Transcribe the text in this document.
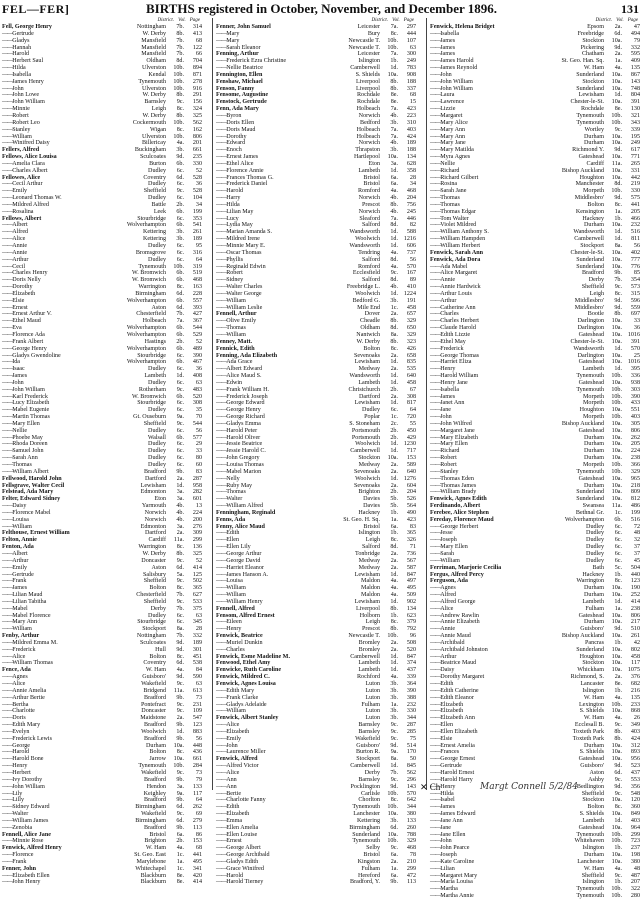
FEL—FER]	BIRTHS registered in October, November, and December 1896.	131
District. Vol. Page
Fell, George Henry	Nottingham	7b.	314
—— Gertrude	W. Derby	8b.	413
—— Gladys	Mansfield	7b.	68
—— Hannah	Mansfield	7b.	122
—— Harold	Mansfield	7b.	66
—— Herbert Saul	Oldham	8d.	704
—— Hilda	Ulverston	10b.	894
—— Isabella	Kendal	10b.	871
—— James Henry	Tynemouth	10b.	278
—— John	Ulverston	10b.	916
—— John Lowe	W. Derby	8b.	291
—— John William	Barnsley	9c.	156
—— Minnie	Leigh	8c.	324
—— Robert	W. Derby	8b.	325
—— Robert Leo	Cockermouth	10b.	562
—— Stanley	Wigan	8c.	162
—— William	Ulverston	10b.	806
—— Winifred Daisy	Billericay	4a.	201
Fellers, Alfred	Buckingham	3b.	661
Fellows, Alice Louisa	Sculcoates	9d.	235
—— Amelia Clara	Burton	6b.	330
—— Charles Albert	Dudley	6c.	52
Fellowes, Alice	Coventry	6d.	528
—— Cecil Arthur	Dudley	6c.	36
—— Emily	Sheffield	9c.	528
—— Leonard Thomas W.	Dudley	6c.	104
—— Mildred Alfred	Battle	2b.	34
—— Rosalina	Leek	6b.	199
Fellows, Albert	Stourbridge	6c.	353
—— Albert	Wolverhampton	6b.	541
—— Alfred	Kettering	3b.	261
—— Alice	Kettering	3b.	189
—— Annie	Dudley	6c.	95
—— Annie	Bromsgrove	6c.	316
—— Arthur	Dudley	6c.	64
—— Cecil	Tynemouth	10b.	319
—— Charles Henry	W. Bromwich	6b.	519
—— Doris Nelly	W. Bromwich	6b.	468
—— Dorothy	Warrington	8c.	163
—— Elizabeth	Birmingham	6d.	228
—— Elsie	Wolverhampton	6b.	557
—— Ernest	Aston	6d.	393
—— Ernest Arthur V.	Chesterfield	7b.	427
—— Ethel Maud	Holbeach	7a.	367
—— Eva	Wolverhampton	6b.	544
—— Florence Ada	Wolverhampton	6b.	529
—— Frank Albert	Hastings	2b.	52
—— George Henry	Wolverhampton	6b.	489
—— Gladys Gwendoline	Stourbridge	6c.	390
—— Ida	Wolverhampton	6b.	467
—— Isaac	Dudley	6c.	36
—— James	Lambeth	1d.	408
—— John	Dudley	6c.	63
—— John William	Rotherham	9c.	483
—— Karl Frederick	W. Bromwich	6b.	520
—— Lucy Elizabeth	Stourbridge	6c.	308
—— Mabel Eugenie	Dudley	6c.	35
—— Martin Thomas	Gt. Ouseburn	9a.	70
—— Mary Ellen	Sheffield	9c.	544
—— Nellie	Dudley	6c.	56
—— Phoebe May	Walsall	6b.	577
—— Rhoda Doreen	Dudley	6c.	29
—— Samuel John	Dudley	6c.	33
—— Sarah Ann	Dudley	6c.	80
—— Thomas	Dudley	6c.	60
—— William Albert	Bradford	9b.	83
Fellwood, Harold John	Dartford	2a.	287
Fellsgrave, Walter Cecil	Lewisham	1d.	958
Felstead, Ada Mary	Edmonton	3a.	282
Felter, Edward Sidney	Eton	3a.	601
—— Daisy	Yarmouth	4b.	13
—— Florence Mabel	Norwich	4b.	224
—— Louisa	Norwich	4b.	200
—— William	Edmonton	3a.	276
Felthouse, Ernest William	Dartford	2a.	309
Felton, Annie	Cardiff	11a.	299
Fenton, Ada	Warrington	8c.	136
—— Albert	W. Derby	8b.	325
—— Arthur	Doncaster	9c.	52
—— Emily	Aston	6d.	414
—— Gertrude	Salisbury	5a.	125
—— Frank	Sheffield	9c.	502
—— James	Bolton	8c.	365
—— Lilian Maud	Chesterfield	7b.	627
—— Lilian Tabitha	Sheffield	9c.	533
—— Mabel	Derby	7b.	375
—— Mabel Florence	Dudley	6c.	63
—— Mary Ann	Stourbridge	6c.	345
—— William	Stockport	8a.	28
Fenby, Arthur	Nottingham	7b.	332
—— Mildred Emma M.	Sculcoates	9d.	189
—— Frederick	Hull	9d.	301
—— Alice	Bolton	8c.	451
—— William Thomas	Coventry	6d.	538
Fence, Ada	W. Ham	4a.	84
—— Agnes	Guisboro'	9d.	590
—— Alice	Wakefield	9c.	63
—— Annie Amelia	Bridgend	11a.	613
—— Arthur Bertie	Bradford	9b.	73
—— Bertha	Pontefract	9c.	231
—— Charlotte	Doncaster	9c.	109
—— Doris	Maidstone	2a.	547
—— Edith Mary	Bradford	9b.	123
—— Evelyn	Woolwich	1d.	883
—— Frederick Lewis	Bradford	9b.	56
—— George	Durham	10a.	448
—— Harold	Bolton	8c.	436
—— Harold Bone	Jarrow	10a.	661
—— Henry	Tynemouth	10b.	284
—— Herbert	Wakefield	9c.	73
—— Ivy Dorothy	Bradford	9b.	79
—— John William	Hendon	3a.	133
—— Lily	Keighley	9a.	117
—— Lilly	Bradford	9b.	64
—— Sidney Edward	Birmingham	6d.	262
—— Walter	Wakefield	9c.	69
—— William James	Birmingham	6d.	279
—— Zenobia	Bradford	9b.	113
Fennell, Alice Jane	Bristol	6a.	86
—— Minnie Rose	Brighton	2b.	153
Fenwick, Alfred Henry	W. Ham	4a.	68
—— Florence	St. Geo. East	1c.	441
—— Frank	Marylebone	1a.	495
Fenner, John	Whitechapel	1c.	341
—— Elizabeth Ellen	Blackburn	8e.	420
—— John Henry	Blackburn	8e.	414
District. Vol. Page
Fenner, John Samuel	Leicester	7a.	297
—— Mary	Bury	8c.	444
—— Mary	Newcastle T.	10b.	107
—— Sarah Eleanor	Newcastle T.	10b.	63
Fenning, Arthur	Leicester	7a.	300
—— Frederick Ezra Christine	Islington	1b.	249
—— Nellie Beatrice	Camberwell	1d.	783
Fennington, Ellen	S. Shields	10a.	908
Fenshaw, Michael	Liverpool	8b.	188
Fenson, Fanny	Liverpool	8b.	337
Fensome, Augustine	Rochdale	8e.	68
Fenstock, Gertrude	Rochdale	8e.	15
Fenn, Ada Mary	Holbeach	7a.	423
—— Byron	Norwich	4b.	223
—— Doris Ellen	Bedford	3b.	310
—— Doris Maud	Holbeach	7a.	403
—— Dorothy	Holbeach	7a.	424
—— Edward	Norwich	4b.	189
—— Enoch	Thrapston	3b.	188
—— Ernest James	Hartlepool	10a.	134
—— Ethel Alice	Eton	3a.	628
—— Florence Annie	Lambeth	1d.	358
—— Frances Thomas G.	Bristol	6a.	28
—— Frederick Daniel	Bristol	6a.	34
—— Harold	Romford	4a.	468
—— Harry	Norwich	4b.	204
—— Hilda	Prescot	8b.	756
—— Lilian May	Norwich	4b.	245
—— Lucy	Sleaford	7a.	446
—— Lydia May	Salford	8d.	82
—— Marian Amanda S.	Wandsworth	1d.	588
—— Mildred Irene	Woolwich	1d. 1216
—— Minnie Mary E.	Wandsworth	1d.	606
—— Oscar Thomas	Tendring	4a.	737
—— Phyllis	Salford	8d.	56
—— Reginald Edwin	Romford	4a.	570
—— Robert	Ecclesfield	9c.	167
—— Sidney	Salford	8d.	89
—— Walter Charles	Freebridge L.	4b.	410
—— Walter George	Woolwich	1d. 1224
—— William	Bedford G.	3b.	191
—— William Leslie	Mile End	1c.	458
Fennell, Arthur	Dover	2a.	657
—— Olive Emily	Cheadle	8b.	329
—— Thomas	Oldham	8d.	650
—— William	Nantwich	8a.	329
Fenney, Matt.	W. Derby	8b.	323
Fennick, Edith	Bolton	8c.	426
Fenning, Ada Elizabeth	Sevenoaks	2a.	658
—— Ada Grace	Lewisham	1d.	835
—— Albert Edward	Medway	2a.	535
—— Alice Maud S.	Wandsworth	1d.	640
—— Edwin	Lambeth	1d.	458
—— Frank William H.	Christchurch	2b.	67
—— Frederick Joseph	Dartford	2a.	308
—— George Edward	Lewisham	1d.	817
—— George Henry	Dudley	6c.	64
—— George Richard	Poplar	1c.	720
—— Gladys Emma	S. Stoneham	2c.	55
—— Harold Peter	Portsmouth	2b.	450
—— Harold Oliver	Portsmouth	2b.	429
—— Jessie Beatrice	Woolwich	1d. 1230
—— Jessie Harold C.	Camberwell	1d.	717
—— John Gregory	Stockton	10a.	153
—— Louisa Thomas	Medway	2a.	589
—— Mabel Marion	Sevenoaks	2a.	640
—— Nelly	Woolwich	1d. 1276
—— Ruby May	Sevenoaks	2a.	604
—— Thomas	Brighton	2b.	204
—— Walter	Davies	5b.	526
—— William Alfred	Davies	5b.	564
Fenningham, Reginald	Hackney	1b.	490
Fenns, Ada	St. Geo. H. Sq.	1a.	423
Fenny, Alice Maud	Bristol	6a.	83
—— Edith	Islington	1b.	365
—— Ellen	Leigh	8c.	326
—— Ellen Lily	Salford	8d.	71
—— George Arthur	Tonbridge	2a.	736
—— George David	Medway	2a.	567
—— Harriet Eleanor	Medway	2a.	587
—— James Hanson A.	Lewisham	1d.	847
—— Louisa	Maldon	4a.	497
—— William	Maldon	4a.	495
—— William	Maldon	4a.	509
—— William Henry	Lewisham	1d.	902
Fennell, Alfred	Liverpool	8b.	134
Fensom, Alfred Ernest	Holborn	1b.	623
—— Eileen	Leigh	8c.	379
—— Henry	Prescot	8b.	792
Fenwick, Beatrice	Newcastle T.	10b.	96
—— Muriel Dunkin	Bromley	2a.	508
—— Charles	Bromley	2a.	520
Fenwick, Esme Madeline M.	Camberwell	1d.	847
Fenwood, Ethel Amy	Lambeth	1d.	374
Fenwicke, Ruth Caroline	Lambeth	1d.	437
Fenwick, Mildred C.	Rochford	4a.	339
Fenwick, Agnes Louisa	Luton	3b.	364
—— Edith Mary	Luton	3b.	390
—— Frank Clarke	Luton	3b.	388
—— Gladys Adelaide	Fulham	1a.	232
—— William	Luton	3b.	330
Fenwick, Albert Stanley	Luton	3b.	344
—— Alice	Barnsley	9c.	287
—— Elizabeth	Barnsley	9c.	285
—— Emily	Wakefield	9c.	75
—— John	Guisboro'	9d.	514
—— Laurence Miller	Burton R.	9a.	170
Fenwick, Alfred	Stockport	8a.	50
—— Alfred Victor	Camberwell	1d.	845
—— Alice	Derby	7b.	562
—— Ann	Barnsley	9c.	296
—— Ann	Pocklington	9d.	143
—— Bertie	Carlisle	10b.	570
—— Charlotte Fanny	Chorlton	8c.	642
—— Edith	Tynemouth	10b.	344
—— Elizabeth	Lanchester	10a.	380
—— Emma	Kettering	3b.	133
—— Ellen Amelia	Birmingham	6d.	260
—— Ellen Louise	Sunderland	10a.	788
—— Ernest	Tynemouth	10b.	329
—— George Albert	Selby	9c.	468
—— George Archibald	Bristol	6a.	78
—— Gladys Edith	Kingston	2a.	210
—— Grace Winifred	Fulham	1a.	299
—— Harold	Hereford	6a.	472
—— Harold Tierney	Bradford, Y.	9b.	113
District. Vol. Page
Fenwick, Helena Bridget	Epsom	2a.	47
—— Isabella	Freebridge	6d.	494
—— James	Stockton	10a.	79
—— James	Pickering	9d.	332
—— James	Chatham	2a.	595
—— James Harold	St. Geo. Han. Sq.	1a.	409
—— James Reynold	W. Ham	4a.	135
—— John	Sunderland	10a.	867
—— John William	Stockton	10a.	143
—— John William	Sunderland	10a.	748
—— Laura	Lewisham	1d.	804
—— Lawrence	Chester-le-St.	10a.	391
—— Lizzie	Rochdale	8e.	130
—— Margaret	Tynemouth	10b.	321
—— Mary Alice	Tynemouth	10b.	343
—— Mary Ann	Wortley	9c.	339
—— Mary Ann	Durham	10a.	195
—— Mary Jane	Durham	10a.	249
—— Mary Matilda	Richmond Y.	9d.	617
—— Myra Agnes	Gateshead	10a.	771
—— Nellie	Cardiff	11a.	265
—— Richard	Bishop Auckland	10a.	331
—— Richard Gilbert	Houghton	10a.	442
—— Rosina	Manchester	8d.	219
—— Sarah Jane	Morpeth	10b.	330
—— Thomas	Middlesbro'	9d.	575
—— Thomas	Bolton	8c.	441
—— Thomas Edgar	Kensington	1a.	205
—— Tom Walter	Hackney	1b.	466
—— Violet Mildred	Durham	10a.	232
—— William Anthony S.	Wandsworth	1d.	516
—— William Hampden	Camberwell	1d.	811
—— William Herbert	Stockport	8a.	56
Fenwick, Sarah Ann	Chester-le-St.	10a.	402
Fenwick, Ada Dora	Sunderland	10a.	777
—— Ada Mabel	Sunderland	10a.	776
—— Alice Margaret	Bradford	9b.	85
—— Annie	Derby	7b.	354
—— Annie Hardwick	Sheffield	9c.	573
—— Arthur Louis	Leigh	8c.	315
—— Arthur	Middlesbro'	9d.	596
—— Catherine Ann	Middlesbro'	9d.	559
—— Charles	Bootle	8b.	697
—— Charles Herbert	Darlington	10a.	33
—— Claude Harold	Darlington	10a.	36
—— Edith Lizzie	Gateshead	10a. 1016
—— Ethel May	Chester-le-St.	10a.	391
—— Frederick	Wandsworth	1d.	570
—— George Thomas	Darlington	10a.	25
—— Harriet Eliza	Gateshead	10a. 1016
—— Henry	Lambeth	1d.	395
—— Harold William	Tynemouth	10b.	336
—— Henry Jane	Gateshead	10a.	938
—— Isabella	Tynemouth	10b.	303
—— James	Morpeth	10b.	390
—— Janet Ann	Morpeth	10b.	433
—— Jane	Houghton	10a.	551
—— John	Morpeth	10b.	403
—— John Wilfred	Bishop Auckland	10a.	305
—— Margaret Jane	Gateshead	10a.	806
—— Mary Elizabeth	Durham	10a.	262
—— Mary Ellen	Durham	10a.	205
—— Richard	Durham	10a.	224
—— Robert	Durham	10a.	238
—— Robert	Morpeth	10b.	366
—— Stanley	Tynemouth	10b.	329
—— Thomas Eden	Gateshead	10a.	965
—— Thomas James	Durham	10a.	218
—— William Brady	Sunderland	10a.	809
Fenwick, Agnes Edith	Sunderland	10a.	812
Ferdinando, Albert	Swansea	11a.	486
Ferebee, Alice Stephen	Bethnal Gr.	1c.	199
Fereday, Florence Maud	Wolverhampton	6b.	516
—— George Herbert	Dudley	6c.	72
—— Jesse	Dudley	6c.	48
—— Joseph	Dudley	6c.	32
—— Mary Ellen	Dudley	6c.	37
—— Sarah	Dudley	6c.	37
—— William	Dudley	6c.	45
Ferriman, Marjorie Cecilia	Bath	5c.	504
Fergus, Alfred Percy	Hackney	1b.	440
Ferguson, Ada	Warrington	8c.	123
—— Agnes	Durham	10a.	190
—— Alfred	Durham	10a.	252
—— Alfred George	Lambeth	1d.	414
—— Alice	Fulham	1a.	238
—— Andrew Rawlin	Gateshead	10a.	806
—— Annie Elizabeth	Durham	10a.	217
—— Annie	Guisboro'	9d.	510
—— Annie Maud	Bishop Auckland	10a.	261
—— Archibald	Pancras	1b.	42
—— Archibald Johnston	Sunderland	10a.	802
—— Arthur	Houghton	10a.	458
—— Beatrice Maud	Stockton	10a.	117
—— Daisy	Whickham	10a. 1075
—— Dorothy Margaret	Richmond, S.	2a.	376
—— Edith	Lancaster	8e.	682
—— Edith Catherine	Islington	1b.	216
—— Edith Eleanor	W. Ham	4a.	135
—— Elizabeth	Lexington	10b.	233
—— Elizabeth	S. Shields	10a.	868
—— Elizabeth Ann	W. Ham	4a.	26
—— Ellen	Ecclesall B.	9c.	349
—— Ellen Elizabeth	Toxteth Park	8b.	403
—— Elsie	Toxteth Park	8b.	424
—— Ernest Amelia	Durham	10a.	312
—— Frances	S. Shields	10a.	893
—— George Ernest	Gateshead	10a.	956
—— Gertrude	Guisboro'	9d.	523
—— Harold Ernest	Aston	6d.	437
—— Harold Harry	Ashby	9c.	553
—— Henry	Bedlington	9d.	356
—— Hilda	Sheffield	9c.	548
—— Isabel	Stockton	10a.	120
—— James	Bolton	8c.	360
—— James Edward	S. Shields	10a.	849
—— Jane Ann	Lambeth	1d.	403
—— Jane	Gateshead	10a.	964
—— Jane Ellen	Tynemouth	10b.	299
—— John	Whitehaven	10b.	723
—— John Pearce	Islington	1b.	237
—— Joseph	Durham	10a.	198
—— Kate Caroline	Lanchester	10a.	380
—— Lilian	W. Ham	4a.	48
—— Margaret Mary	Sheffield	9c.	487
—— Maria Louisa	Islington	1b.	207
—— Martha	Tynemouth	10b.	322
—— Martha Annie	Tynemouth	10b.	280
✕ Ch	Margt Connell 5/2/84
